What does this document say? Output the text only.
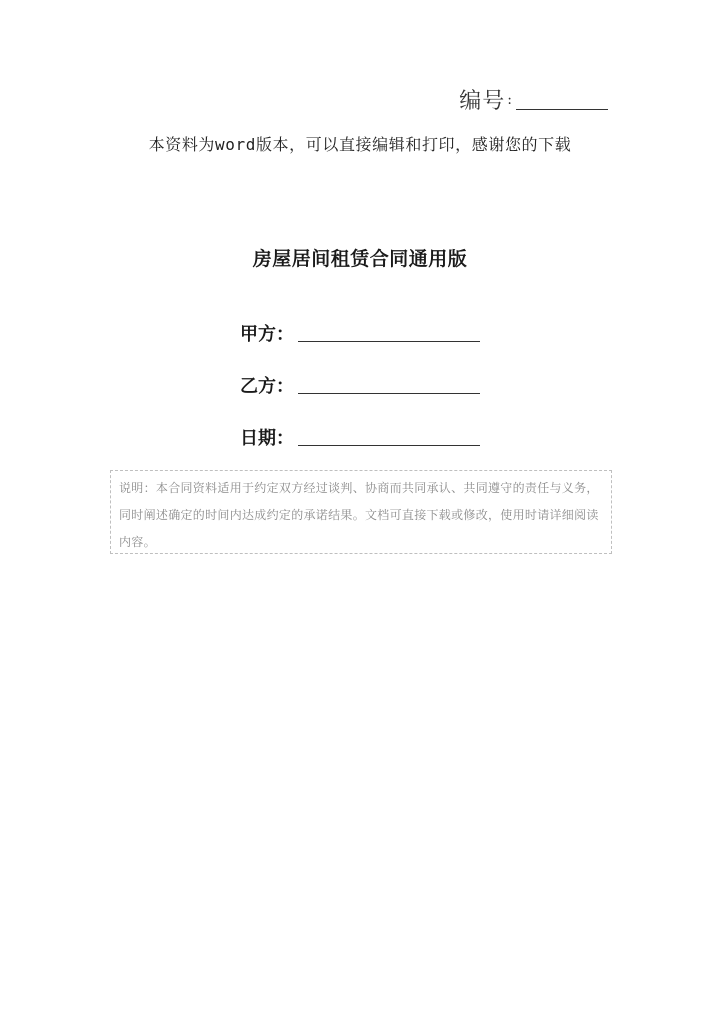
编号 :
本资料为word版本，可以直接编辑和打印，感谢您的下载
房屋居间租赁合同通用版
甲方：
乙方：
日期：
说明：本合同资料适用于约定双方经过谈判、协商而共同承认、共同遵守的责任与义务，同时阐述确定的时间内达成约定的承诺结果。文档可直接下载或修改，使用时请详细阅读内容。
